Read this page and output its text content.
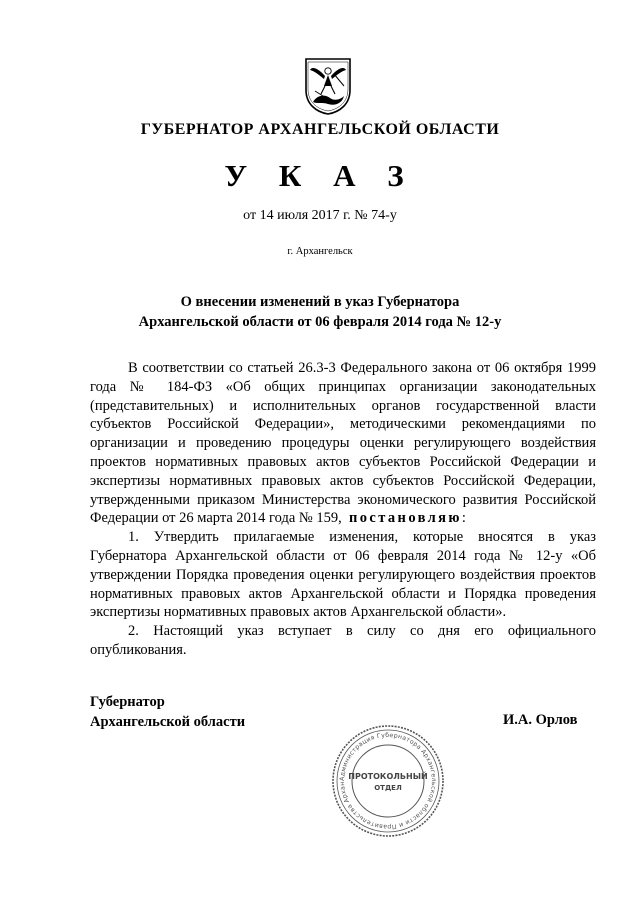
ГУБЕРНАТОР АРХАНГЕЛЬСКОЙ ОБЛАСТИ
У К А З
от 14 июля 2017 г. № 74-у
г. Архангельск
О внесении изменений в указ Губернатора
Архангельской области от 06 февраля 2014 года № 12-у

В соответствии со статьей 26.3-3 Федерального закона от 06 октября 1999 года № 184-ФЗ «Об общих принципах организации законодательных (представительных) и исполнительных органов государственной власти субъектов Российской Федерации», методическими рекомендациями по организации и проведению процедуры оценки регулирующего воздействия проектов нормативных правовых актов субъектов Российской Федерации и экспертизы нормативных правовых актов субъектов Российской Федерации, утвержденными приказом Министерства экономического развития Российской Федерации от 26 марта 2014 года № 159, постановляю:

1. Утвердить прилагаемые изменения, которые вносятся в указ Губернатора Архангельской области от 06 февраля 2014 года № 12-у «Об утверждении Порядка проведения оценки регулирующего воздействия проектов нормативных правовых актов Архангельской области и Порядка проведения экспертизы нормативных правовых актов Архангельской области».

2. Настоящий указ вступает в силу со дня его официального опубликования.

Губернатор
Архангельской области	И.А. Орлов
Администрация Губернатора Архангельской области и Правительства Архан
ПРОТОКОЛЬНЫЙ
ОТДЕЛ
